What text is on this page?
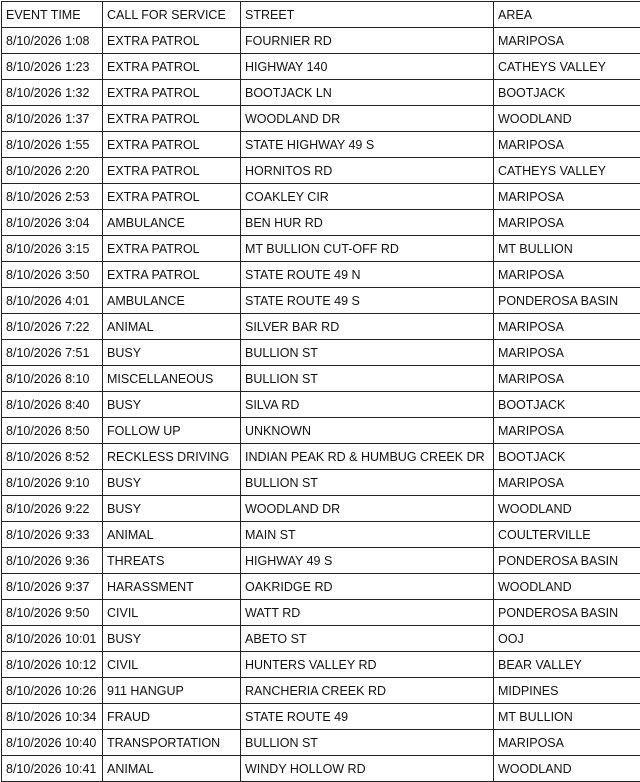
EVENT TIME	CALL FOR SERVICE	STREET	AREA
8/10/2026 1:08	EXTRA PATROL	FOURNIER RD	MARIPOSA
8/10/2026 1:23	EXTRA PATROL	HIGHWAY 140	CATHEYS VALLEY
8/10/2026 1:32	EXTRA PATROL	BOOTJACK LN	BOOTJACK
8/10/2026 1:37	EXTRA PATROL	WOODLAND DR	WOODLAND
8/10/2026 1:55	EXTRA PATROL	STATE HIGHWAY 49 S	MARIPOSA
8/10/2026 2:20	EXTRA PATROL	HORNITOS RD	CATHEYS VALLEY
8/10/2026 2:53	EXTRA PATROL	COAKLEY CIR	MARIPOSA
8/10/2026 3:04	AMBULANCE	BEN HUR RD	MARIPOSA
8/10/2026 3:15	EXTRA PATROL	MT BULLION CUT-OFF RD	MT BULLION
8/10/2026 3:50	EXTRA PATROL	STATE ROUTE 49 N	MARIPOSA
8/10/2026 4:01	AMBULANCE	STATE ROUTE 49 S	PONDEROSA BASIN
8/10/2026 7:22	ANIMAL	SILVER BAR RD	MARIPOSA
8/10/2026 7:51	BUSY	BULLION ST	MARIPOSA
8/10/2026 8:10	MISCELLANEOUS	BULLION ST	MARIPOSA
8/10/2026 8:40	BUSY	SILVA RD	BOOTJACK
8/10/2026 8:50	FOLLOW UP	UNKNOWN	MARIPOSA
8/10/2026 8:52	RECKLESS DRIVING	INDIAN PEAK RD & HUMBUG CREEK DR	BOOTJACK
8/10/2026 9:10	BUSY	BULLION ST	MARIPOSA
8/10/2026 9:22	BUSY	WOODLAND DR	WOODLAND
8/10/2026 9:33	ANIMAL	MAIN ST	COULTERVILLE
8/10/2026 9:36	THREATS	HIGHWAY 49 S	PONDEROSA BASIN
8/10/2026 9:37	HARASSMENT	OAKRIDGE RD	WOODLAND
8/10/2026 9:50	CIVIL	WATT RD	PONDEROSA BASIN
8/10/2026 10:01	BUSY	ABETO ST	OOJ
8/10/2026 10:12	CIVIL	HUNTERS VALLEY RD	BEAR VALLEY
8/10/2026 10:26	911 HANGUP	RANCHERIA CREEK RD	MIDPINES
8/10/2026 10:34	FRAUD	STATE ROUTE 49	MT BULLION
8/10/2026 10:40	TRANSPORTATION	BULLION ST	MARIPOSA
8/10/2026 10:41	ANIMAL	WINDY HOLLOW RD	WOODLAND
